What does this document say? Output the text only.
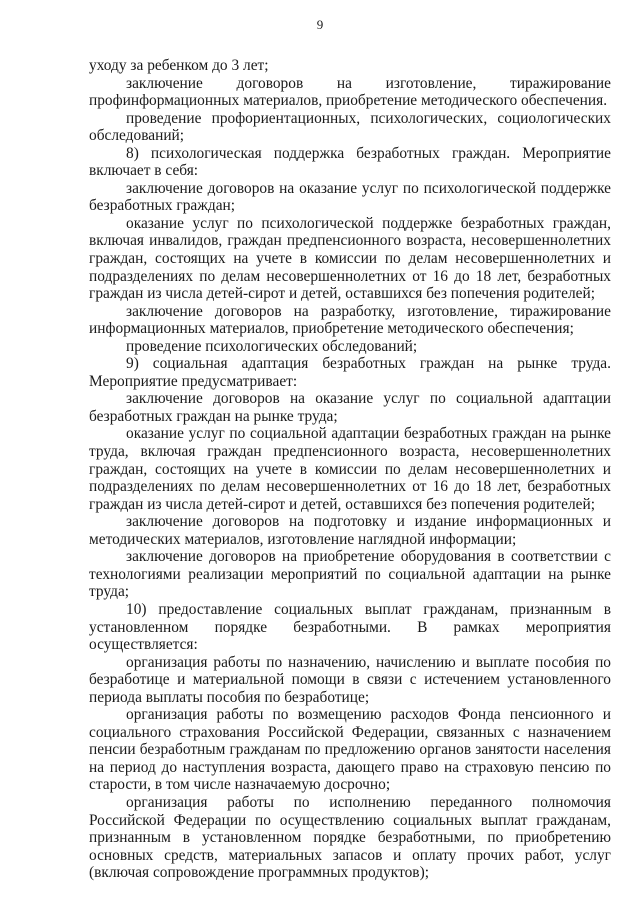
9

уходу за ребенком до 3 лет;

заключение договоров на изготовление, тиражирование профинформационных материалов, приобретение методического обеспечения.

проведение профориентационных, психологических, социологических обследований;

8) психологическая поддержка безработных граждан. Мероприятие включает в себя:

заключение договоров на оказание услуг по психологической поддержке безработных граждан;

оказание услуг по психологической поддержке безработных граждан, включая инвалидов, граждан предпенсионного возраста, несовершеннолетних граждан, состоящих на учете в комиссии по делам несовершеннолетних и подразделениях по делам несовершеннолетних от 16 до 18 лет, безработных граждан из числа детей-сирот и детей, оставшихся без попечения родителей;

заключение договоров на разработку, изготовление, тиражирование информационных материалов, приобретение методического обеспечения;

проведение психологических обследований;

9) социальная адаптация безработных граждан на рынке труда. Мероприятие предусматривает:

заключение договоров на оказание услуг по социальной адаптации безработных граждан на рынке труда;

оказание услуг по социальной адаптации безработных граждан на рынке труда, включая граждан предпенсионного возраста, несовершеннолетних граждан, состоящих на учете в комиссии по делам несовершеннолетних и подразделениях по делам несовершеннолетних от 16 до 18 лет, безработных граждан из числа детей-сирот и детей, оставшихся без попечения родителей;

заключение договоров на подготовку и издание информационных и методических материалов, изготовление наглядной информации;

заключение договоров на приобретение оборудования в соответствии с технологиями реализации мероприятий по социальной адаптации на рынке труда;

10) предоставление социальных выплат гражданам, признанным в установленном порядке безработными. В рамках мероприятия осуществляется:

организация работы по назначению, начислению и выплате пособия по безработице и материальной помощи в связи с истечением установленного периода выплаты пособия по безработице;

организация работы по возмещению расходов Фонда пенсионного и социального страхования Российской Федерации, связанных с назначением пенсии безработным гражданам по предложению органов занятости населения на период до наступления возраста, дающего право на страховую пенсию по старости, в том числе назначаемую досрочно;

организация работы по исполнению переданного полномочия Российской Федерации по осуществлению социальных выплат гражданам, признанным в установленном порядке безработными, по приобретению основных средств, материальных запасов и оплату прочих работ, услуг (включая сопровождение программных продуктов);
